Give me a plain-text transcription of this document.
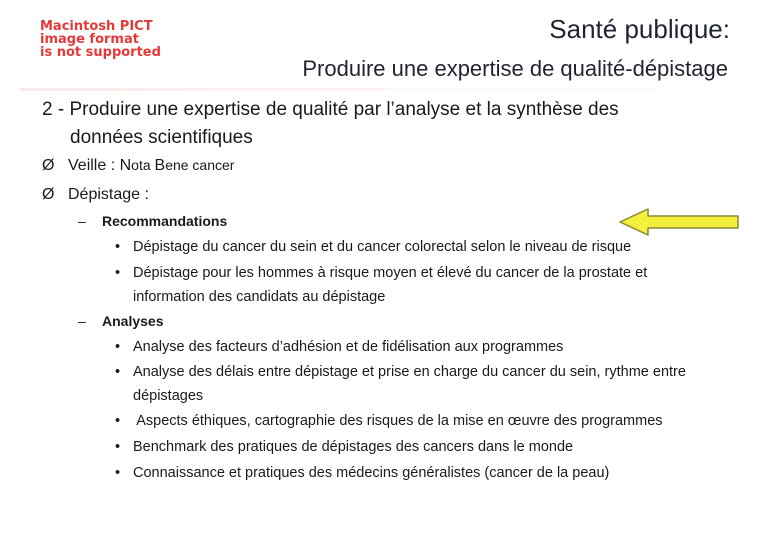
Macintosh PICT
image format
is not supported
Santé publique:
Produire une expertise de qualité-dépistage
2 - Produire une expertise de qualité par l’analyse et la synthèse des
données scientifiques
Ø Veille : Nota Bene cancer
Ø Dépistage :
– Recommandations
• Dépistage du cancer du sein et du cancer colorectal selon le niveau de risque
• Dépistage pour les hommes à risque moyen et élevé du cancer de la prostate et
information des candidats au dépistage
– Analyses
• Analyse des facteurs d’adhésion et de fidélisation aux programmes
• Analyse des délais entre dépistage et prise en charge du cancer du sein, rythme entre
dépistages
• Aspects éthiques, cartographie des risques de la mise en œuvre des programmes
• Benchmark des pratiques de dépistages des cancers dans le monde
• Connaissance et pratiques des médecins généralistes (cancer de la peau)
